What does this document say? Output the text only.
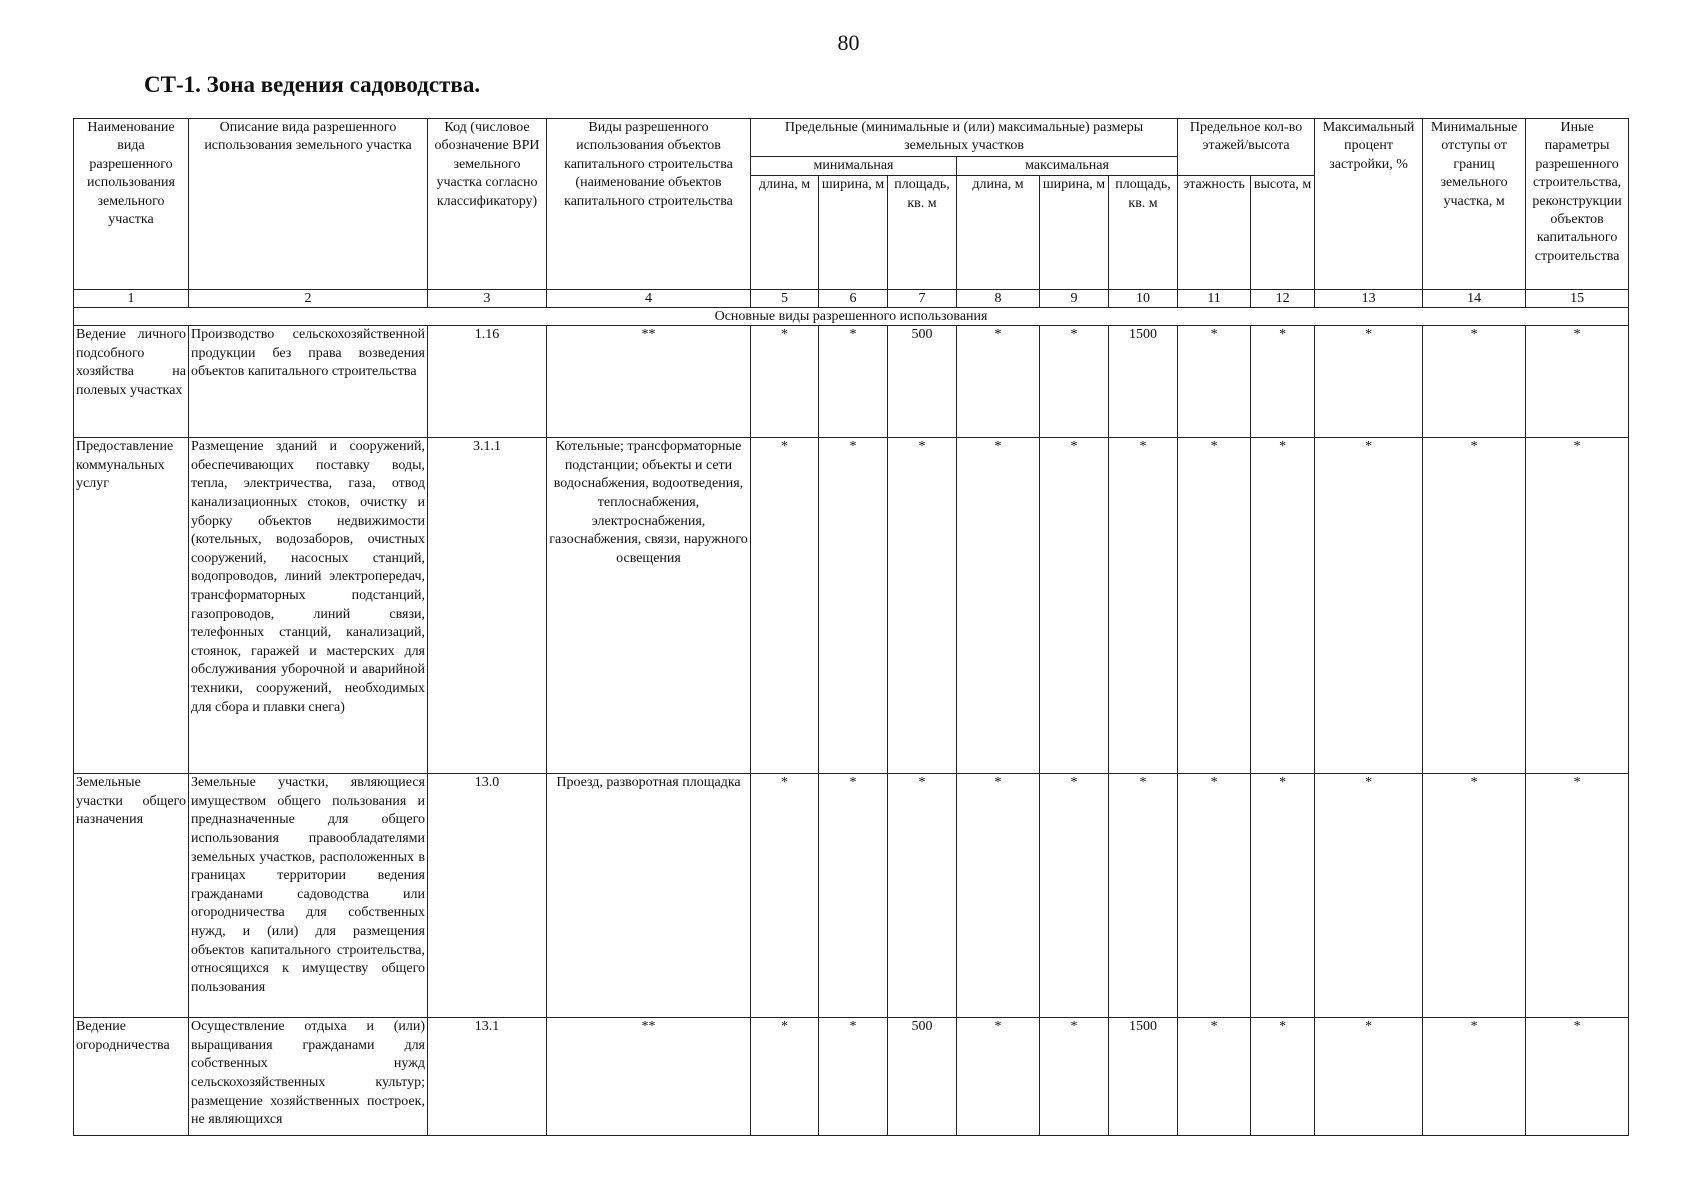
80
СТ-1. Зона ведения садоводства.
Наименование вида разрешенного использования земельного участка	Описание вида разрешенного использования земельного участка	Код (числовое обозначение ВРИ земельного участка согласно классификатору)	Виды разрешенного использования объектов капитального строительства (наименование объектов капитального строительства	Предельные (минимальные и (или) максимальные) размеры земельных участков						Предельное кол-во этажей/высота		Максимальный процент застройки, %	Минимальные отступы от границ земельного участка, м	Иные параметры разрешенного строительства, реконструкции объектов капитального строительства
				минимальная			максимальная							
				длина, м	ширина, м	площадь, кв. м	длина, м	ширина, м	площадь, кв. м	этажность	высота, м			

1	2	3	4	5	6	7	8	9	10	11	12	13	14	15
Основные виды разрешенного использования														
Ведение личного подсобного хозяйства на полевых участках	Производство сельскохозяйственной продукции без права возведения объектов капитального строительства	1.16	**	*	*	500	*	*	1500	*	*	*	*	*
Предоставление коммунальных услуг	Размещение зданий и сооружений, обеспечивающих поставку воды, тепла, электричества, газа, отвод канализационных стоков, очистку и уборку объектов недвижимости (котельных, водозаборов, очистных сооружений, насосных станций, водопроводов, линий электропередач, трансформаторных подстанций, газопроводов, линий связи, телефонных станций, канализаций, стоянок, гаражей и мастерских для обслуживания уборочной и аварийной техники, сооружений, необходимых для сбора и плавки снега)	3.1.1	Котельные; трансформаторные подстанции; объекты и сети водоснабжения, водоотведения, теплоснабжения, электроснабжения, газоснабжения, связи, наружного освещения	*	*	*	*	*	*	*	*	*	*	*
Земельные участки общего назначения	Земельные участки, являющиеся имуществом общего пользования и предназначенные для общего использования правообладателями земельных участков, расположенных в границах территории ведения гражданами садоводства или огородничества для собственных нужд, и (или) для размещения объектов капитального строительства, относящихся к имуществу общего пользования	13.0	Проезд, разворотная площадка	*	*	*	*	*	*	*	*	*	*	*
Ведение огородничества	Осуществление отдыха и (или) выращивания гражданами для собственных нужд сельскохозяйственных культур; размещение хозяйственных построек, не являющихся	13.1	**	*	*	500	*	*	1500	*	*	*	*	*
